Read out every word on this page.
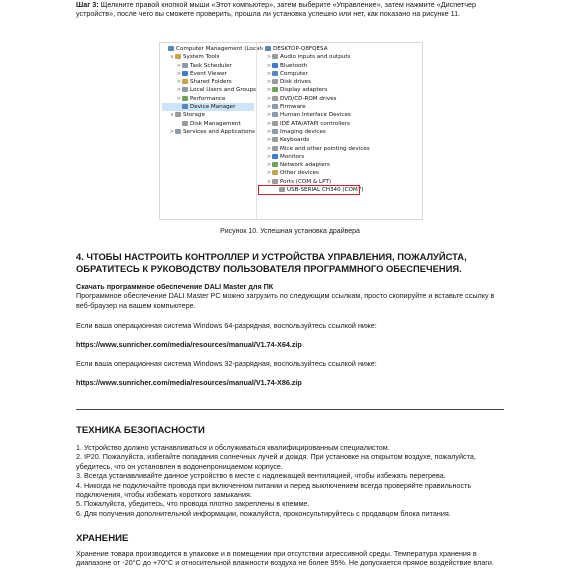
Шаг 3: Щелкните правой кнопкой мыши «Этот компьютер», затем выберите «Управление», затем нажмите «Диспетчер устройств», после чего вы сможете проверить, прошла ли установка успешно или нет, как показано на рисунке 11.

Computer Management (Local
v System Tools
> Task Scheduler
> Event Viewer
> Shared Folders
> Local Users and Groups
> Performance
Device Manager
v Storage
Disk Management
> Services and Applications
v DESKTOP-Q8FQESA
> Audio inputs and outputs
> Bluetooth
> Computer
> Disk drives
> Display adapters
> DVD/CD-ROM drives
> Firmware
> Human Interface Devices
> IDE ATA/ATAPI controllers
> Imaging devices
> Keyboards
> Mice and other pointing devices
> Monitors
> Network adapters
> Other devices
v Ports (COM & LPT)
USB-SERIAL CH340 (COM7)
Рисунок 10. Успешная установка драйвера
4. ЧТОБЫ НАСТРОИТЬ КОНТРОЛЛЕР И УСТРОЙСТВА УПРАВЛЕНИЯ, ПОЖАЛУЙСТА, ОБРАТИТЕСЬ К РУКОВОДСТВУ ПОЛЬЗОВАТЕЛЯ ПРОГРАММНОГО ОБЕСПЕЧЕНИЯ.

Скачать программное обеспечение DALI Master для ПК

Программное обеспечение DALI Master PC можно загрузить по следующим ссылкам, просто скопируйте и вставьте ссылку в веб-браузер на вашем компьютере.

Если ваша операционная система Windows 64-разрядная, воспользуйтесь ссылкой ниже:

https://www.sunricher.com/media/resources/manual/V1.74-X64.zip

Если ваша операционная система Windows 32-разрядная, воспользуйтесь ссылкой ниже:

https://www.sunricher.com/media/resources/manual/V1.74-X86.zip

ТЕХНИКА БЕЗОПАСНОСТИ

1. Устройство должно устанавливаться и обслуживаться квалифицированным специалистом.

2. IP20. Пожалуйста, избегайте попадания солнечных лучей и дождя. При установке на открытом воздухе, пожалуйста, убедитесь, что он установлен в водонепроницаемом корпусе.

3. Всегда устанавливайте данное устройство в месте с надлежащей вентиляцией, чтобы избежать перегрева.

4. Никогда не подключайте провода при включенном питании и перед выключением всегда проверяйте правильность подключения, чтобы избежать короткого замыкания.

5. Пожалуйста, убедитесь, что провода плотно закреплены в клемме.

6. Для получения дополнительной информации, пожалуйста, проконсультируйтесь с продавцом блока питания.

ХРАНЕНИЕ

Хранение товара производится в упаковке и в помещении при отсутствии агрессивной среды. Температура хранения в диапазоне от -20°C до +70°C и относительной влажности воздуха не более 95%. Не допускается прямое воздействие влаги.
